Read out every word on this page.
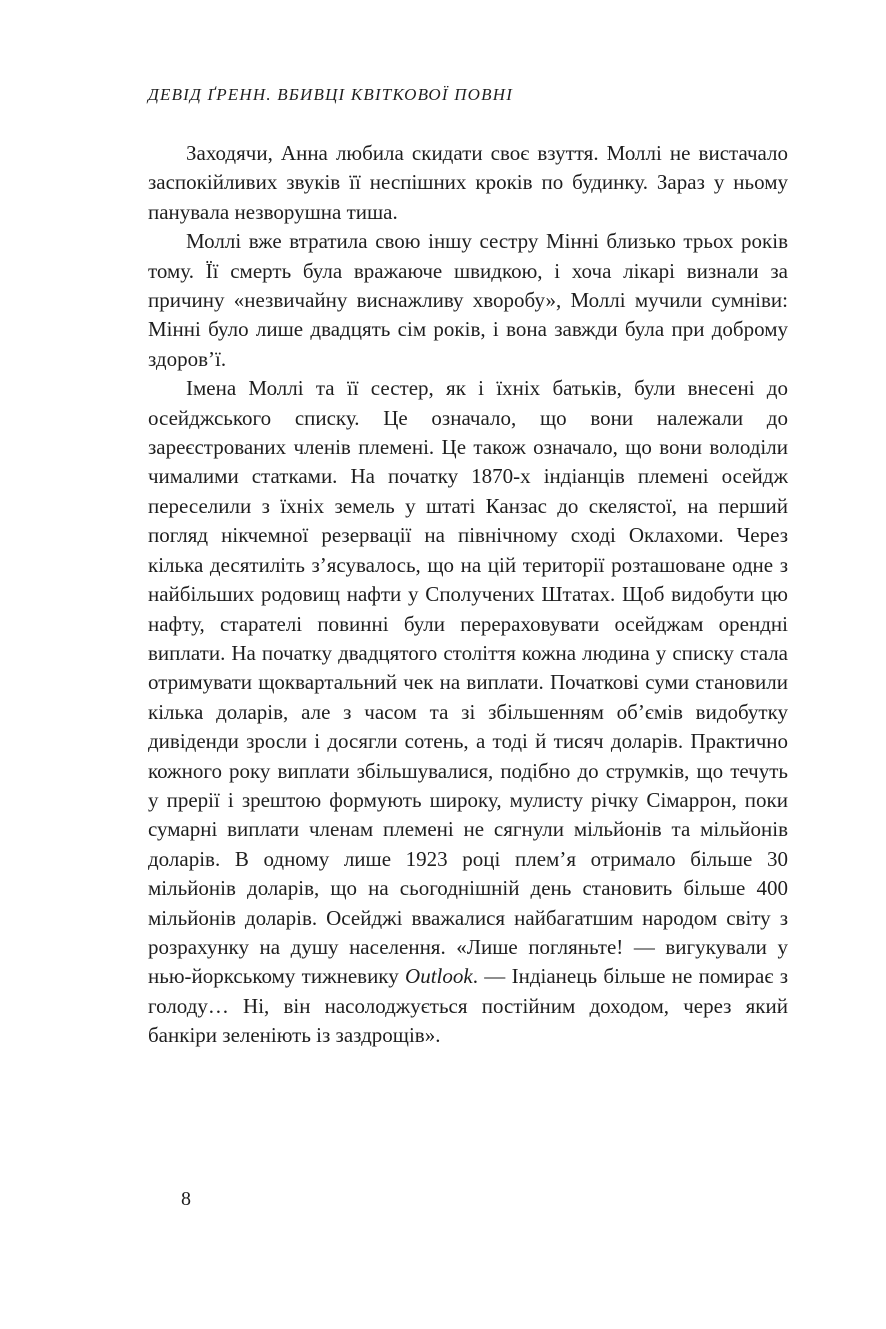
ДЕВІД ҐРЕНН. ВБИВЦІ КВІТКОВОЇ ПОВНІ

Заходячи, Анна любила скидати своє взуття. Моллі не вистачало заспокійливих звуків її неспішних кроків по будинку. Зараз у ньому панувала незворушна тиша.

Моллі вже втратила свою іншу сестру Мінні близько трьох років тому. Її смерть була вражаюче швидкою, і хоча лікарі визнали за причину «незвичайну виснажливу хворобу», Моллі мучили сумніви: Мінні було лише двадцять сім років, і вона завжди була при доброму здоров’ї.

Імена Моллі та її сестер, як і їхніх батьків, були внесені до осейджського списку. Це означало, що вони належали до зареєстрованих членів племені. Це також означало, що вони володіли чималими статками. На початку 1870-х індіанців племені осейдж переселили з їхніх земель у штаті Канзас до скелястої, на перший погляд нікчемної резервації на північному сході Оклахоми. Через кілька десятиліть з’ясувалось, що на цій території розташоване одне з найбільших родовищ нафти у Сполучених Штатах. Щоб видобути цю нафту, старателі повинні були перераховувати осейджам орендні виплати. На початку двадцятого століття кожна людина у списку стала отримувати щоквартальний чек на виплати. Початкові суми становили кілька доларів, але з часом та зі збільшенням об’ємів видобутку дивіденди зросли і досягли сотень, а тоді й тисяч доларів. Практично кожного року виплати збільшувалися, подібно до струмків, що течуть у прерії і зрештою формують широку, мулисту річку Сімаррон, поки сумарні виплати членам племені не сягнули мільйонів та мільйонів доларів. В одному лише 1923 році плем’я отримало більше 30 мільйонів доларів, що на сьогоднішній день становить більше 400 мільйонів доларів. Осейджі вважалися найбагатшим народом світу з розрахунку на душу населення. «Лише погляньте! — вигукували у нью-йоркському тижневику Outlook. — Індіанець більше не помирає з голоду… Ні, він насолоджується постійним доходом, через який банкіри зеленіють із заздрощів».

8
